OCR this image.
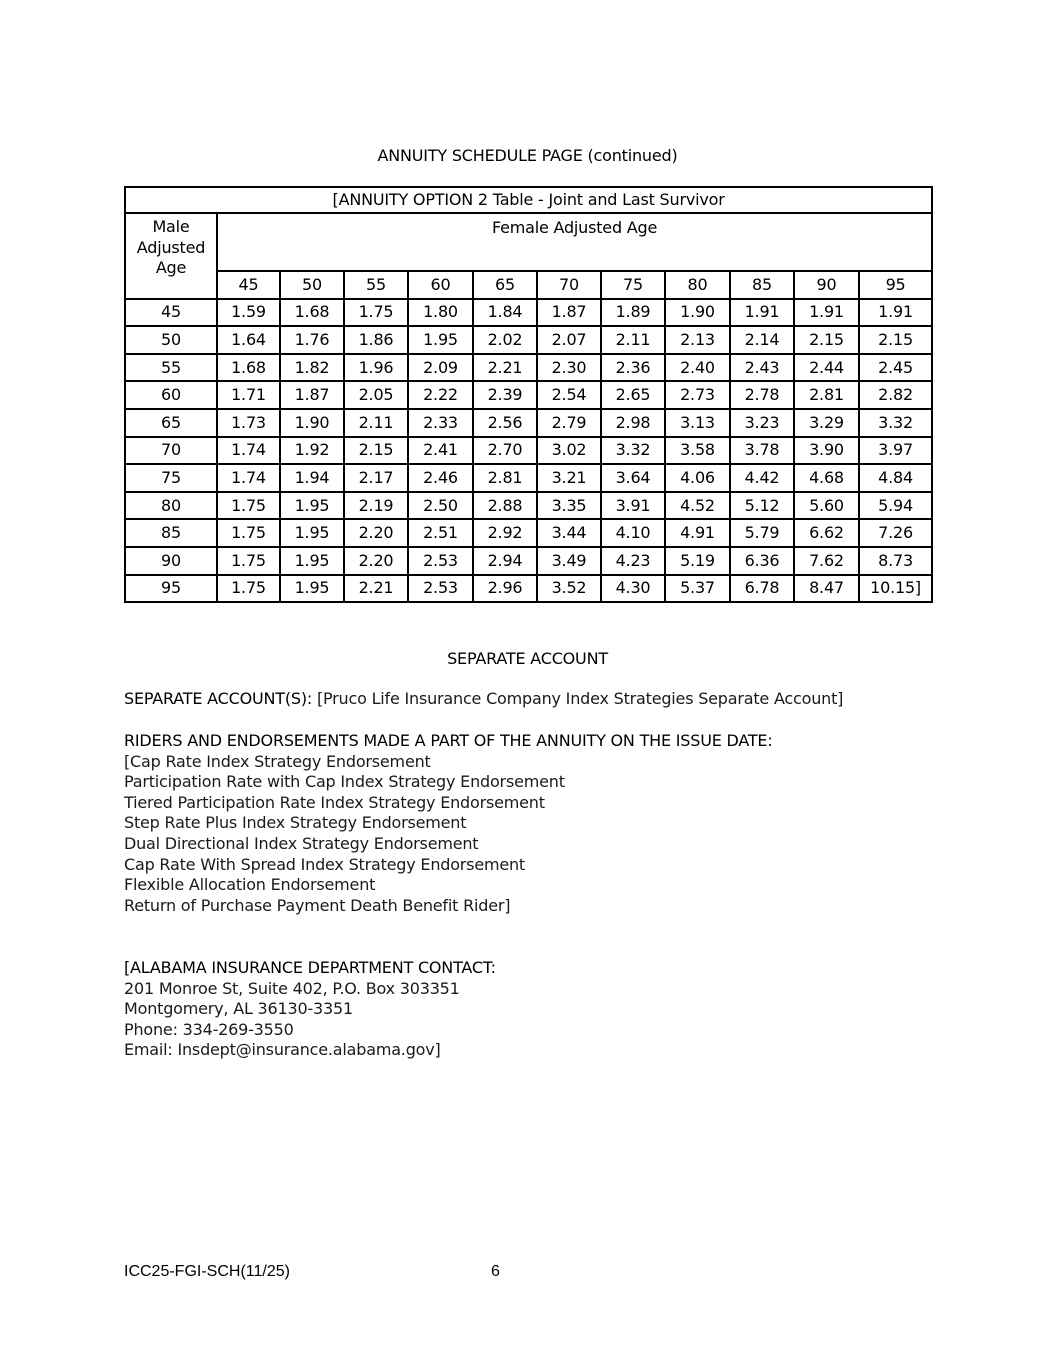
ANNUITY SCHEDULE PAGE (continued)
[ANNUITY OPTION 2 Table - Joint and Last Survivor											

Male
Adjusted
Age	Female Adjusted Age										
	45	50	55	60	65	70	75	80	85	90	95
45	1.59	1.68	1.75	1.80	1.84	1.87	1.89	1.90	1.91	1.91	1.91
50	1.64	1.76	1.86	1.95	2.02	2.07	2.11	2.13	2.14	2.15	2.15
55	1.68	1.82	1.96	2.09	2.21	2.30	2.36	2.40	2.43	2.44	2.45
60	1.71	1.87	2.05	2.22	2.39	2.54	2.65	2.73	2.78	2.81	2.82
65	1.73	1.90	2.11	2.33	2.56	2.79	2.98	3.13	3.23	3.29	3.32
70	1.74	1.92	2.15	2.41	2.70	3.02	3.32	3.58	3.78	3.90	3.97
75	1.74	1.94	2.17	2.46	2.81	3.21	3.64	4.06	4.42	4.68	4.84
80	1.75	1.95	2.19	2.50	2.88	3.35	3.91	4.52	5.12	5.60	5.94
85	1.75	1.95	2.20	2.51	2.92	3.44	4.10	4.91	5.79	6.62	7.26
90	1.75	1.95	2.20	2.53	2.94	3.49	4.23	5.19	6.36	7.62	8.73
95	1.75	1.95	2.21	2.53	2.96	3.52	4.30	5.37	6.78	8.47	10.15]
SEPARATE ACCOUNT
SEPARATE ACCOUNT(S): [Pruco Life Insurance Company Index Strategies Separate Account]
RIDERS AND ENDORSEMENTS MADE A PART OF THE ANNUITY ON THE ISSUE DATE:
[Cap Rate Index Strategy Endorsement
Participation Rate with Cap Index Strategy Endorsement
Tiered Participation Rate Index Strategy Endorsement
Step Rate Plus Index Strategy Endorsement
Dual Directional Index Strategy Endorsement
Cap Rate With Spread Index Strategy Endorsement
Flexible Allocation Endorsement
Return of Purchase Payment Death Benefit Rider]
[ALABAMA INSURANCE DEPARTMENT CONTACT:
201 Monroe St, Suite 402, P.O. Box 303351
Montgomery, AL 36130-3351
Phone: 334-269-3550
Email: Insdept@insurance.alabama.gov]
ICC25-FGI-SCH(11/25)	6
